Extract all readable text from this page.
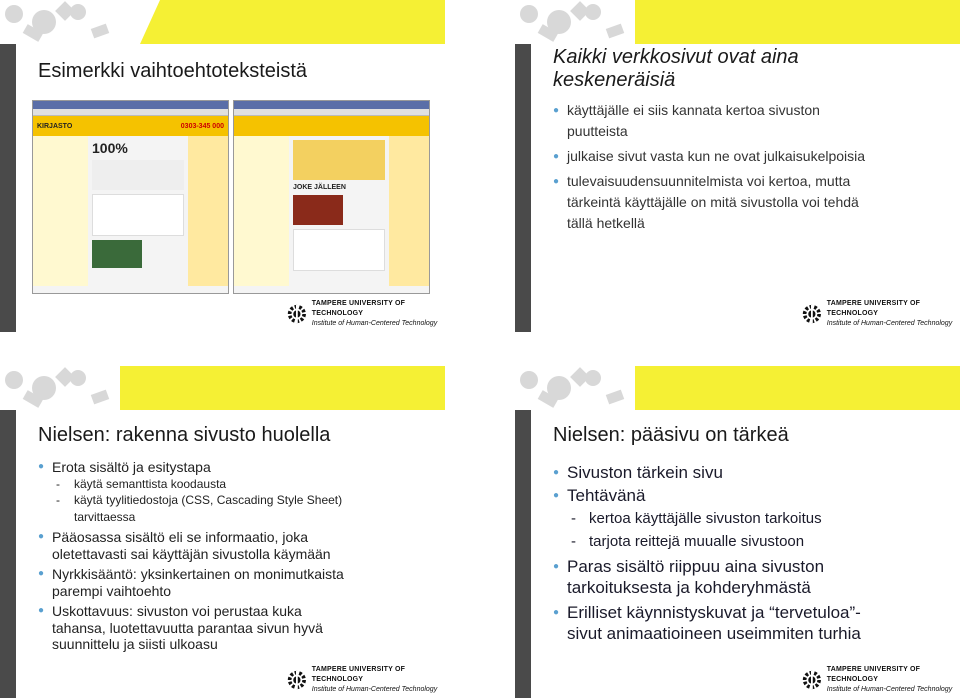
Esimerkki vaihtoehtoteksteistä
KIRJASTO	0303-345 000
100%
JOKE JÄLLEEN
TAMPERE UNIVERSITY OF TECHNOLOGY
Institute of Human-Centered Technology
Kaikki verkkosivut ovat aina
keskeneräisiä
● käyttäjälle ei siis kannata kertoa sivuston
puutteista
● julkaise sivut vasta kun ne ovat julkaisukelpoisia
● tulevaisuudensuunnitelmista voi kertoa, mutta
tärkeintä käyttäjälle on mitä sivustolla voi tehdä
tällä hetkellä
TAMPERE UNIVERSITY OF TECHNOLOGY
Institute of Human-Centered Technology
Nielsen: rakenna sivusto huolella
● Erota sisältö ja esitystapa
- käytä semanttista koodausta
- käytä tyylitiedostoja (CSS, Cascading Style Sheet)
tarvittaessa
● Pääosassa sisältö eli se informaatio, joka
oletettavasti sai käyttäjän sivustolla käymään
● Nyrkkisääntö: yksinkertainen on monimutkaista
parempi vaihtoehto
● Uskottavuus: sivuston voi perustaa kuka
tahansa, luotettavuutta parantaa sivun hyvä
suunnittelu ja siisti ulkoasu
TAMPERE UNIVERSITY OF TECHNOLOGY
Institute of Human-Centered Technology
Nielsen: pääsivu on tärkeä
● Sivuston tärkein sivu
● Tehtävänä
- kertoa käyttäjälle sivuston tarkoitus
- tarjota reittejä muualle sivustoon
● Paras sisältö riippuu aina sivuston
tarkoituksesta ja kohderyhmästä
● Erilliset käynnistyskuvat ja “tervetuloa”-
sivut animaatioineen useimmiten turhia
TAMPERE UNIVERSITY OF TECHNOLOGY
Institute of Human-Centered Technology
